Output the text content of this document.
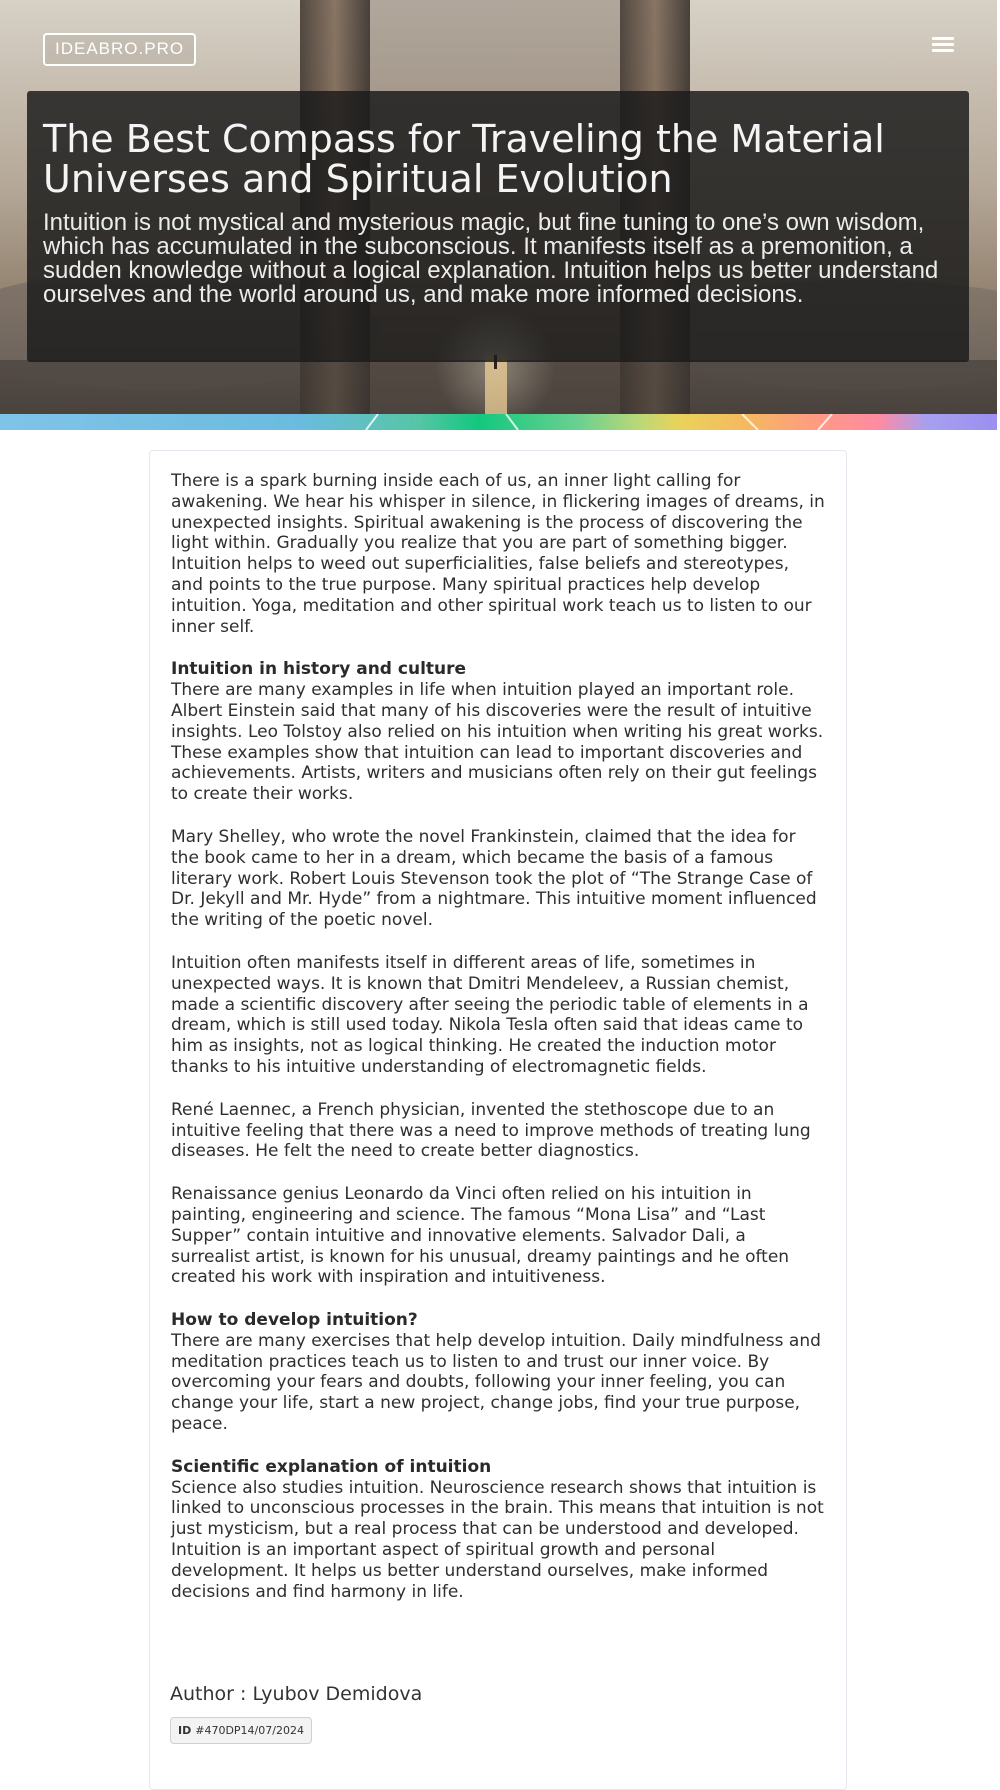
IDEABRO.PRO
The Best Compass for Traveling the Material Universes and Spiritual Evolution

Intuition is not mystical and mysterious magic, but fine tuning to one’s own wisdom, which has accumulated in the subconscious. It manifests itself as a premonition, a sudden knowledge without a logical explanation. Intuition helps us better understand ourselves and the world around us, and make more informed decisions.

There is a spark burning inside each of us, an inner light calling for awakening. We hear his whisper in silence, in flickering images of dreams, in unexpected insights. Spiritual awakening is the process of discovering the light within. Gradually you realize that you are part of something bigger. Intuition helps to weed out superficialities, false beliefs and stereotypes, and points to the true purpose. Many spiritual practices help develop intuition. Yoga, meditation and other spiritual work teach us to listen to our inner self.

Intuition in history and culture
There are many examples in life when intuition played an important role. Albert Einstein said that many of his discoveries were the result of intuitive insights. Leo Tolstoy also relied on his intuition when writing his great works. These examples show that intuition can lead to important discoveries and achievements. Artists, writers and musicians often rely on their gut feelings to create their works.

Mary Shelley, who wrote the novel Frankinstein, claimed that the idea for the book came to her in a dream, which became the basis of a famous literary work. Robert Louis Stevenson took the plot of “The Strange Case of Dr. Jekyll and Mr. Hyde” from a nightmare. This intuitive moment influenced the writing of the poetic novel.

Intuition often manifests itself in different areas of life, sometimes in unexpected ways. It is known that Dmitri Mendeleev, a Russian chemist, made a scientific discovery after seeing the periodic table of elements in a dream, which is still used today. Nikola Tesla often said that ideas came to him as insights, not as logical thinking. He created the induction motor thanks to his intuitive understanding of electromagnetic fields.

René Laennec, a French physician, invented the stethoscope due to an intuitive feeling that there was a need to improve methods of treating lung diseases. He felt the need to create better diagnostics.

Renaissance genius Leonardo da Vinci often relied on his intuition in painting, engineering and science. The famous “Mona Lisa” and “Last Supper” contain intuitive and innovative elements. Salvador Dali, a surrealist artist, is known for his unusual, dreamy paintings and he often created his work with inspiration and intuitiveness.

How to develop intuition?
There are many exercises that help develop intuition. Daily mindfulness and meditation practices teach us to listen to and trust our inner voice. By overcoming your fears and doubts, following your inner feeling, you can change your life, start a new project, change jobs, find your true purpose, peace.

Scientific explanation of intuition
Science also studies intuition. Neuroscience research shows that intuition is linked to unconscious processes in the brain. This means that intuition is not just mysticism, but a real process that can be understood and developed. Intuition is an important aspect of spiritual growth and personal development. It helps us better understand ourselves, make informed decisions and find harmony in life.

Author : Lyubov Demidova
ID #470DP14/07/2024
